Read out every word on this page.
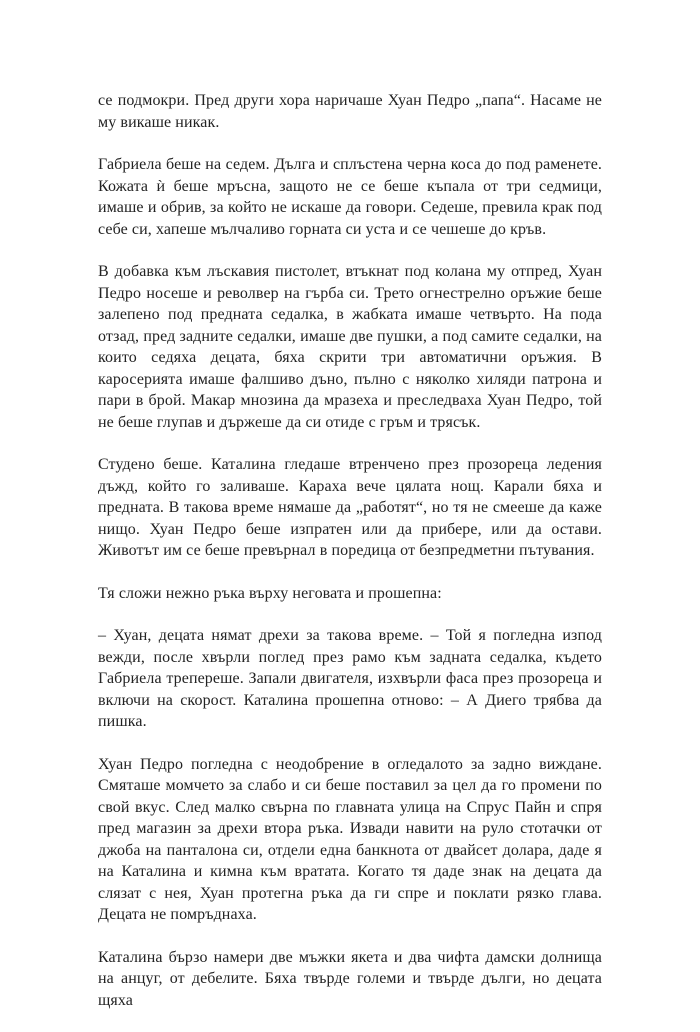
се подмокри. Пред други хора наричаше Хуан Педро „папа“. Насаме не му викаше никак.

Габриела беше на седем. Дълга и сплъстена черна коса до под раменете. Кожата ѝ беше мръсна, защото не се беше къпала от три седмици, имаше и обрив, за който не искаше да говори. Седеше, превила крак под себе си, хапеше мълчаливо горната си уста и се чешеше до кръв.

В добавка към лъскавия пистолет, втъкнат под колана му отпред, Хуан Педро носеше и револвер на гърба си. Трето огнестрелно оръжие беше залепено под предната седалка, в жабката имаше четвърто. На пода отзад, пред задните седалки, имаше две пушки, а под самите седалки, на които седяха децата, бяха скрити три автоматични оръжия. В каросерията имаше фалшиво дъно, пълно с няколко хиляди патрона и пари в брой. Макар мнозина да мразеха и преследваха Хуан Педро, той не беше глупав и държеше да си отиде с гръм и трясък.

Студено беше. Каталина гледаше втренчено през прозореца ледения дъжд, който го заливаше. Караха вече цялата нощ. Карали бяха и предната. В такова време нямаше да „работят“, но тя не смееше да каже нищо. Хуан Педро беше изпратен или да прибере, или да остави. Животът им се беше превърнал в поредица от безпредметни пътувания.

Тя сложи нежно ръка върху неговата и прошепна:

– Хуан, децата нямат дрехи за такова време. – Той я погледна изпод вежди, после хвърли поглед през рамо към задната седалка, където Габриела трепереше. Запали двигателя, изхвърли фаса през прозореца и включи на скорост. Каталина прошепна отново: – А Диего трябва да пишка.

Хуан Педро погледна с неодобрение в огледалото за задно виждане. Смяташе момчето за слабо и си беше поставил за цел да го промени по свой вкус. След малко свърна по главната улица на Спрус Пайн и спря пред магазин за дрехи втора ръка. Извади навити на руло стотачки от джоба на панталона си, отдели една банкнота от двайсет долара, даде я на Каталина и кимна към вратата. Когато тя даде знак на децата да слязат с нея, Хуан протегна ръка да ги спре и поклати рязко глава. Децата не помръднаха.

Каталина бързо намери две мъжки якета и два чифта дамски долнища на анцуг, от дебелите. Бяха твърде големи и твърде дълги, но децата щяха
